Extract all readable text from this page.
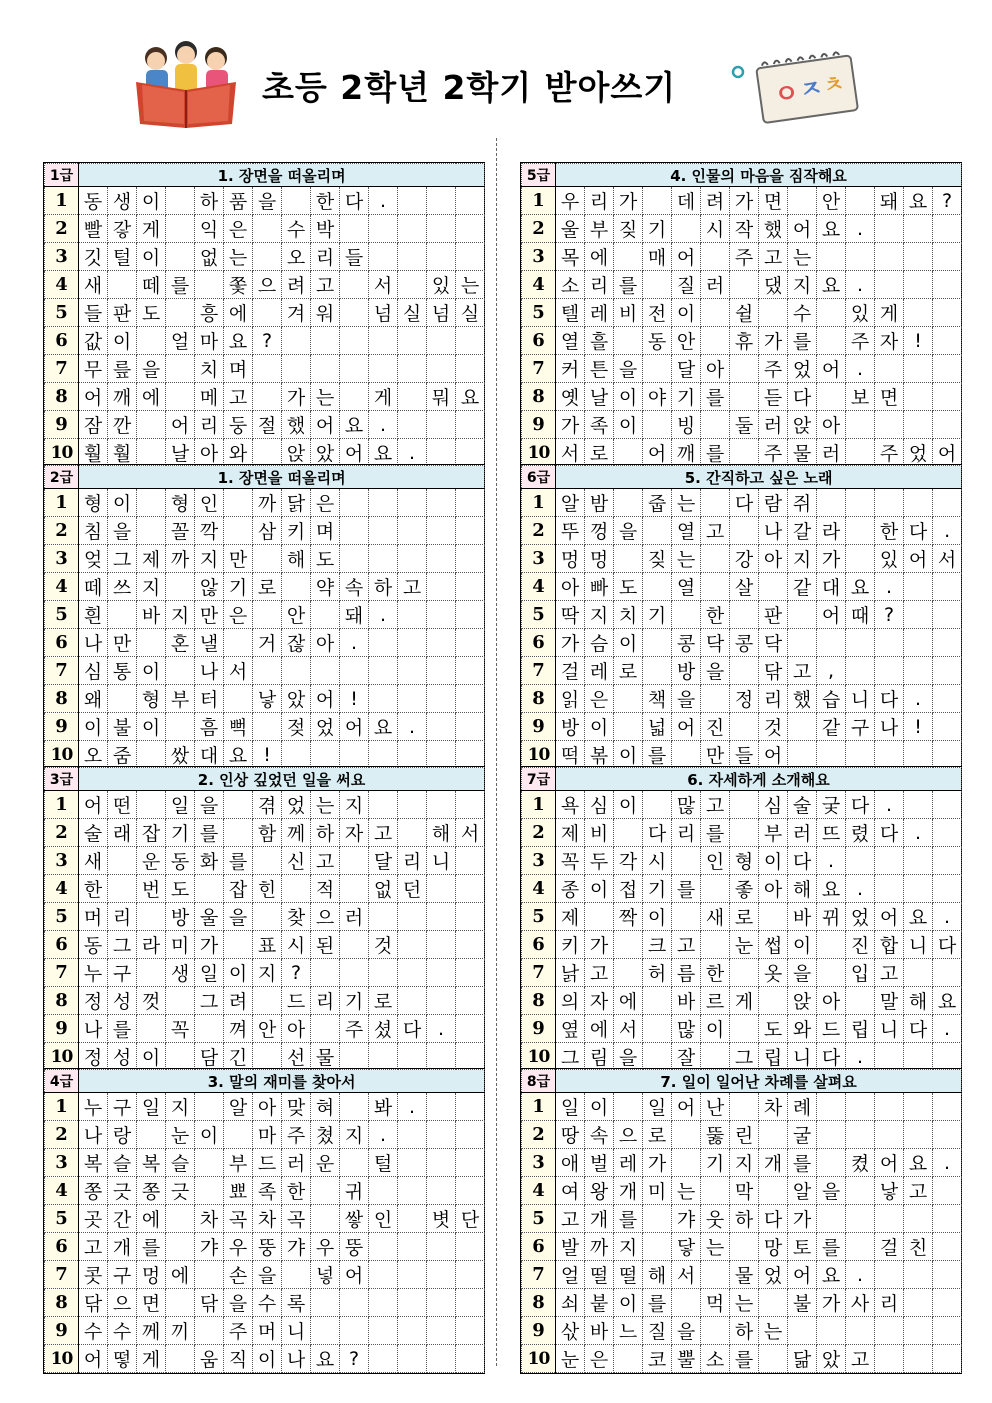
초등 2학년 2학기 받아쓰기	ㅇ
ㅈ
ㅊ
1급	1. 장면을 떠올리며													
1	동	생	이		하	품	을		한	다	.			
2	빨	갛	게		익	은		수	박					
3	깃	털	이		없	는		오	리	들				
4	새		떼	를		쫓	으	려	고		서		있	는
5	들	판	도		흥	에		겨	워		넘	실	넘	실
6	값	이		얼	마	요	?							
7	무	릎	을		치	며								
8	어	깨	에		메	고		가	는		게		뭐	요
9	잠	깐		어	리	둥	절	했	어	요	.			
10	훨	훨		날	아	와		앉	았	어	요	.		
2급	1. 장면을 떠올리며													
1	형	이		형	인		까	닭	은					
2	침	을		꼴	깍		삼	키	며					
3	엊	그	제	까	지	만		해	도					
4	떼	쓰	지		않	기	로		약	속	하	고		
5	흰		바	지	만	은		안		돼	.			
6	나	만		혼	낼		거	잖	아	.				
7	심	통	이		나	서								
8	왜		형	부	터		낳	았	어	!				
9	이	불	이		흠	뻑		젖	었	어	요	.		
10	오	줌		쌌	대	요	!							
3급	2. 인상 깊었던 일을 써요													
1	어	떤		일	을		겪	었	는	지				
2	술	래	잡	기	를		함	께	하	자	고		해	서
3	새		운	동	화	를		신	고		달	리	니	
4	한		번	도		잡	힌		적		없	던		
5	머	리		방	울	을		찾	으	러				
6	동	그	라	미	가		표	시	된		것			
7	누	구		생	일	이	지	?						
8	정	성	껏		그	려		드	리	기	로			
9	나	를		꼭		껴	안	아		주	셨	다	.	
10	정	성	이		담	긴		선	물					
4급	3. 말의 재미를 찾아서													
1	누	구	일	지		알	아	맞	혀		봐	.		
2	나	랑		눈	이		마	주	쳤	지	.			
3	복	슬	복	슬		부	드	러	운		털			
4	쫑	긋	쫑	긋		뾰	족	한		귀				
5	곳	간	에		차	곡	차	곡		쌓	인		볏	단
6	고	개	를		갸	우	뚱	갸	우	뚱				
7	콧	구	멍	에		손	을		넣	어				
8	닦	으	면		닦	을	수	록						
9	수	수	께	끼		주	머	니						
10	어	떻	게		움	직	이	나	요	?				
5급	4. 인물의 마음을 짐작해요													
1	우	리	가		데	려	가	면		안		돼	요	?
2	울	부	짖	기		시	작	했	어	요	.			
3	목	에		매	어		주	고	는					
4	소	리	를		질	러		댔	지	요	.			
5	텔	레	비	전	이		쉴		수		있	게		
6	열	흘		동	안		휴	가	를		주	자	!	
7	커	튼	을		달	아		주	었	어	.			
8	옛	날	이	야	기	를		듣	다		보	면		
9	가	족	이		빙		둘	러	앉	아				
10	서	로		어	깨	를		주	물	러		주	었	어
6급	5. 간직하고 싶은 노래													
1	알	밤		줍	는		다	람	쥐					
2	뚜	껑	을		열	고		나	갈	라		한	다	.
3	멍	멍		짖	는		강	아	지	가		있	어	서
4	아	빠	도		열		살		같	대	요	.		
5	딱	지	치	기		한		판		어	때	?		
6	가	슴	이		콩	닥	콩	닥						
7	걸	레	로		방	을		닦	고	,				
8	읽	은		책	을		정	리	했	습	니	다	.	
9	방	이		넓	어	진		것		같	구	나	!	
10	떡	볶	이	를		만	들	어						
7급	6. 자세하게 소개해요													
1	욕	심	이		많	고		심	술	궂	다	.		
2	제	비		다	리	를		부	러	뜨	렸	다	.	
3	꼭	두	각	시		인	형	이	다	.				
4	종	이	접	기	를		좋	아	해	요	.			
5	제		짝	이		새	로		바	뀌	었	어	요	.
6	키	가		크	고		눈	썹	이		진	합	니	다
7	낡	고		허	름	한		옷	을		입	고		
8	의	자	에		바	르	게		앉	아		말	해	요
9	옆	에	서		많	이		도	와	드	립	니	다	.
10	그	림	을		잘		그	립	니	다	.			
8급	7. 일이 일어난 차례를 살펴요													
1	일	이		일	어	난		차	례					
2	땅	속	으	로		뚫	린		굴					
3	애	벌	레	가		기	지	개	를		켰	어	요	.
4	여	왕	개	미	는		막		알	을		낳	고	
5	고	개	를		갸	웃	하	다	가					
6	발	까	지		닿	는		망	토	를		걸	친	
7	얼	떨	떨	해	서		물	었	어	요	.			
8	쇠	붙	이	를		먹	는		불	가	사	리		
9	삯	바	느	질	을		하	는						
10	눈	은		코	뿔	소	를		닮	았	고			
